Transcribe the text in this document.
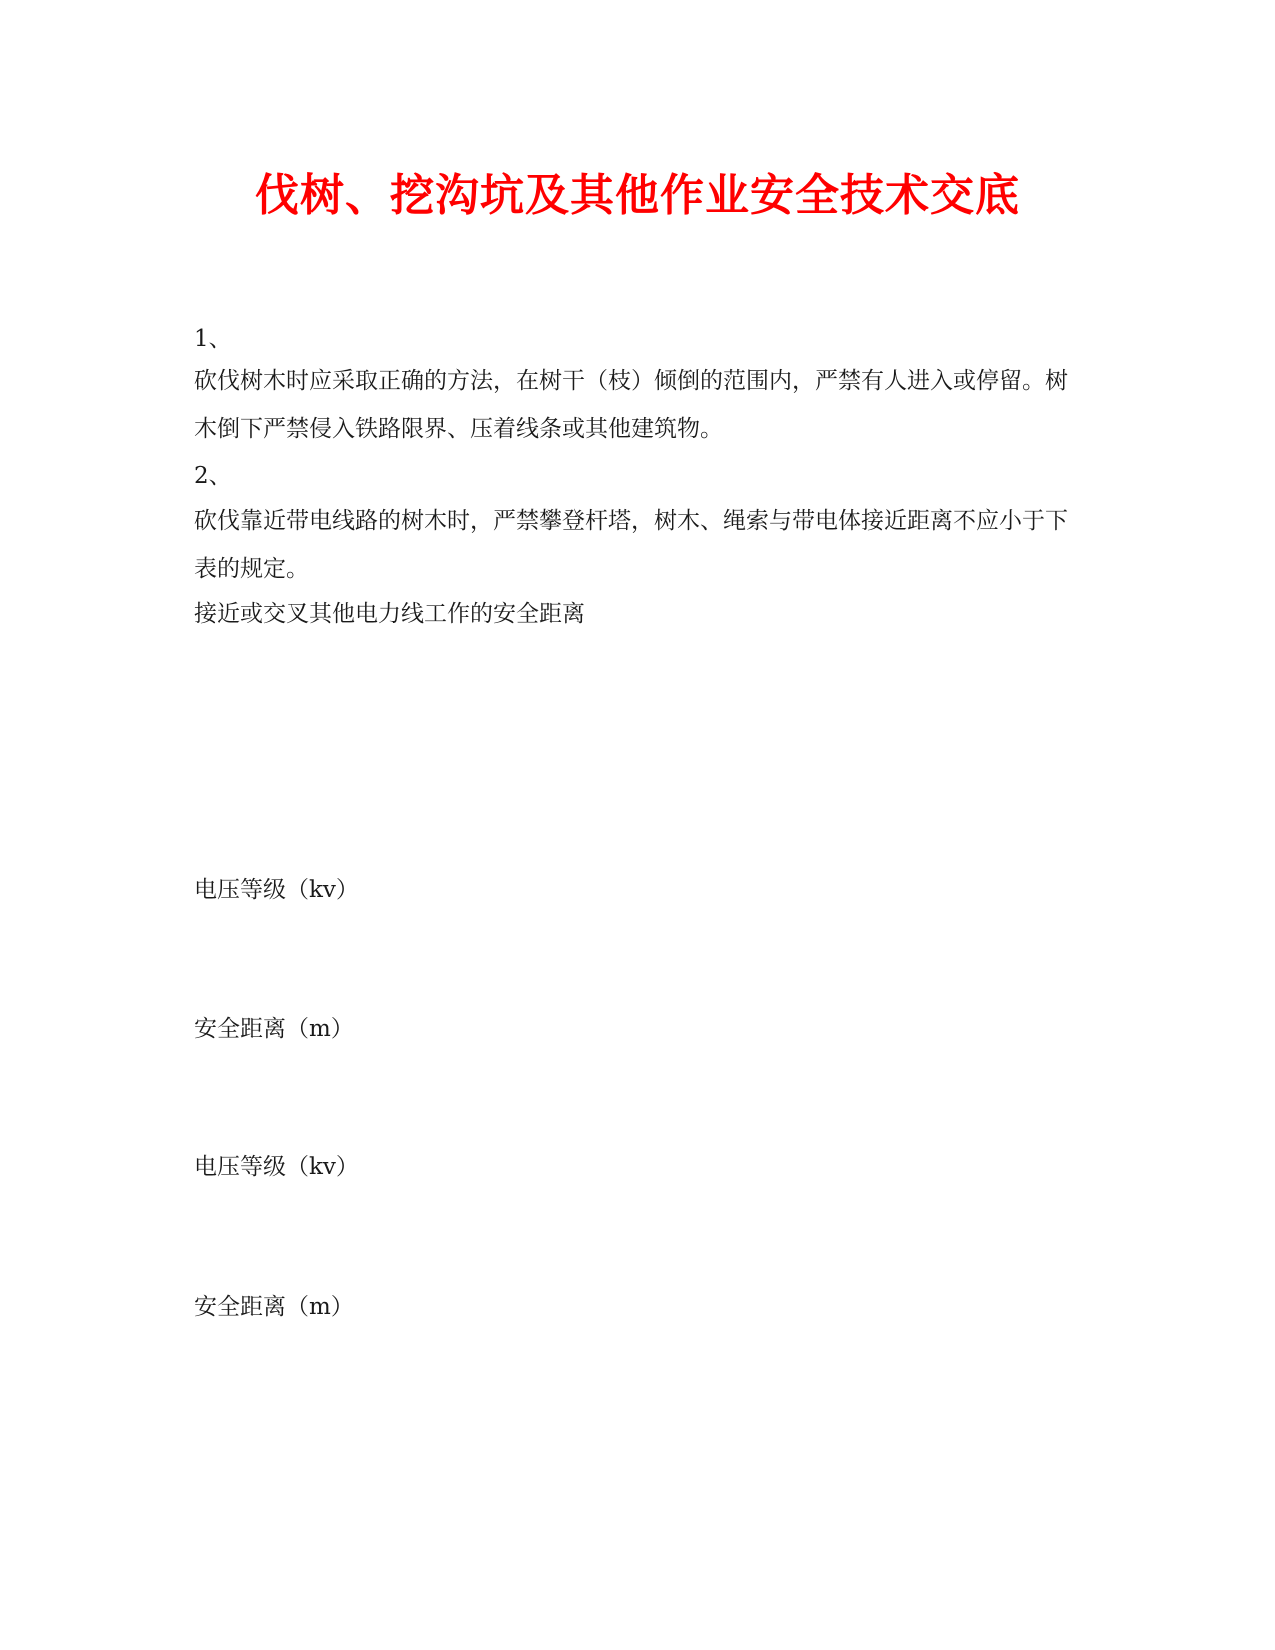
伐树、挖沟坑及其他作业安全技术交底
1、
砍伐树木时应采取正确的方法，在树干（枝）倾倒的范围内，严禁有人进入或停留。树木倒下严禁侵入铁路限界、压着线条或其他建筑物。
2、
砍伐靠近带电线路的树木时，严禁攀登杆塔，树木、绳索与带电体接近距离不应小于下表的规定。
接近或交叉其他电力线工作的安全距离
电压等级（kv）
安全距离（m）
电压等级（kv）
安全距离（m）
